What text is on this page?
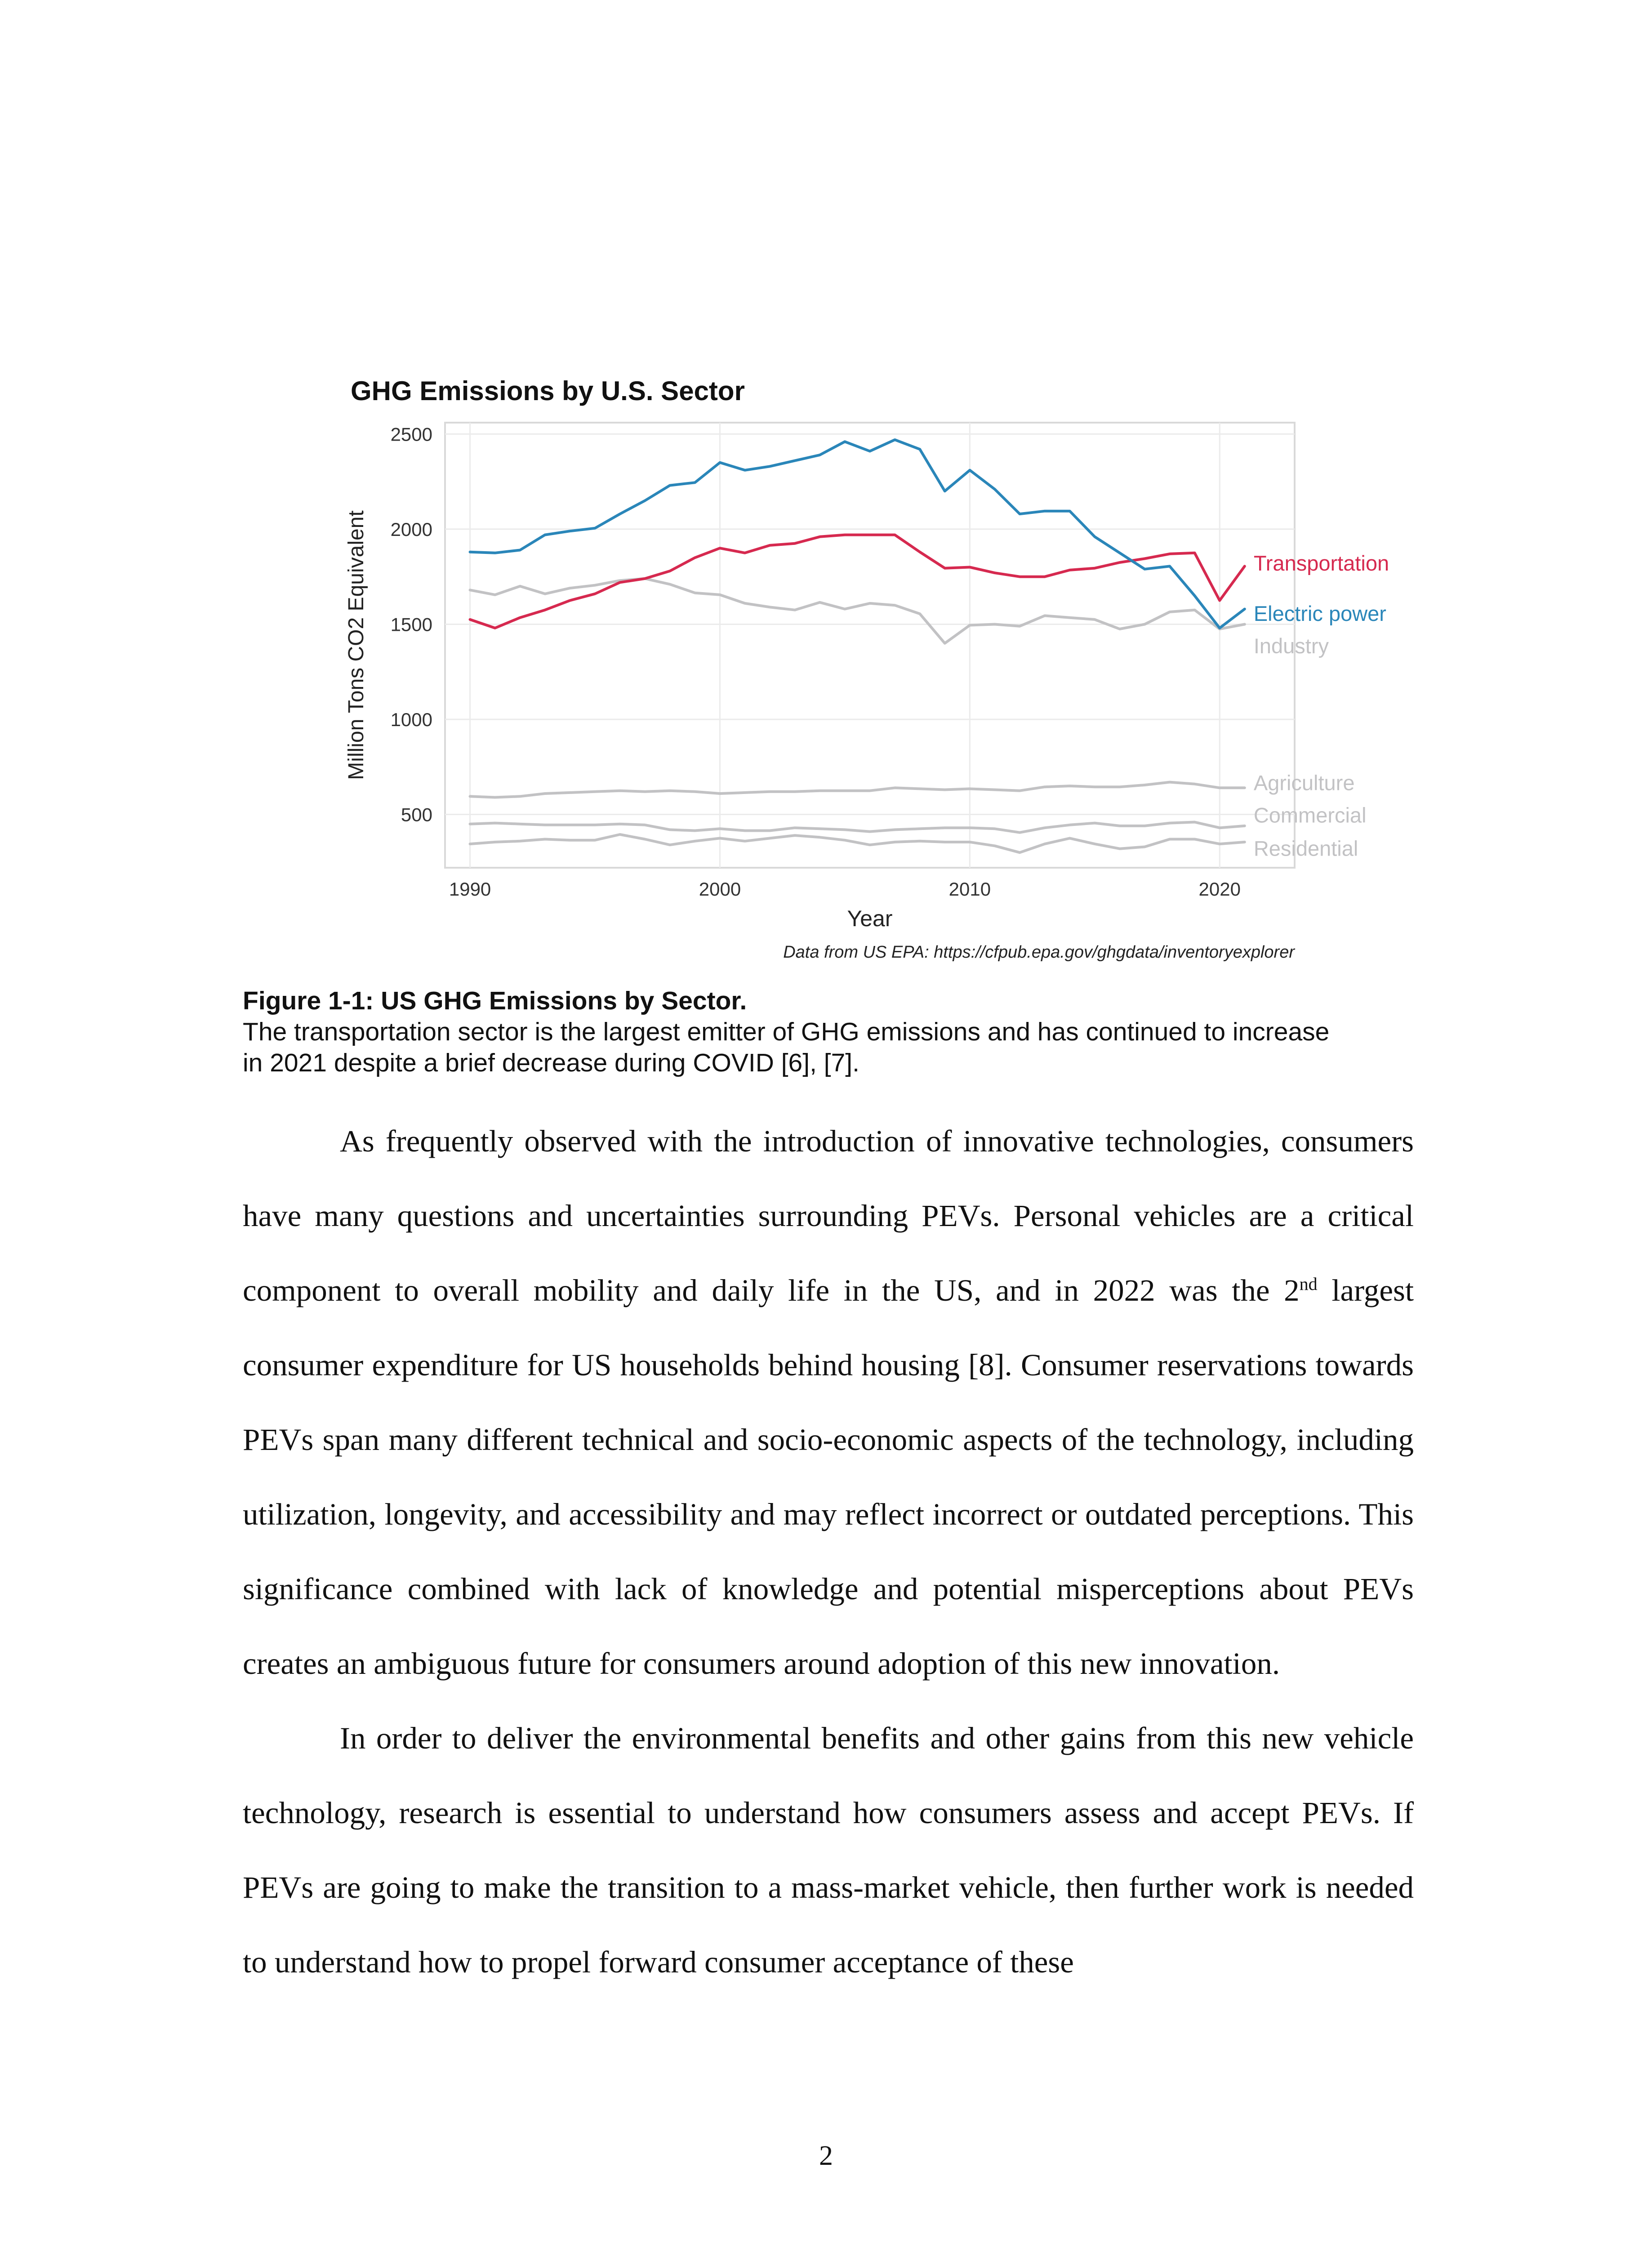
500
1000
1500
2000
2500
1990	2000	2010	2020
GHG Emissions by U.S. Sector
Year
Million Tons CO2 Equivalent	Transportation
Electric power
Industry
Agriculture
Commercial
Residential
Data from US EPA: https://cfpub.epa.gov/ghgdata/inventoryexplorer
Figure 1-1: US GHG Emissions by Sector.
The transportation sector is the largest emitter of GHG emissions and has continued to increase
in 2021 despite a brief decrease during COVID [6], [7].

As frequently observed with the introduction of innovative technologies, consumers have many questions and uncertainties surrounding PEVs. Personal vehicles are a critical component to overall mobility and daily life in the US, and in 2022 was the 2nd largest consumer expenditure for US households behind housing [8]. Consumer reservations towards PEVs span many different technical and socio-economic aspects of the technology, including utilization, longevity, and accessibility and may reflect incorrect or outdated perceptions. This significance combined with lack of knowledge and potential misperceptions about PEVs creates an ambiguous future for consumers around adoption of this new innovation.

In order to deliver the environmental benefits and other gains from this new vehicle technology, research is essential to understand how consumers assess and accept PEVs. If PEVs are going to make the transition to a mass-market vehicle, then further work is needed to understand how to propel forward consumer acceptance of these

2
